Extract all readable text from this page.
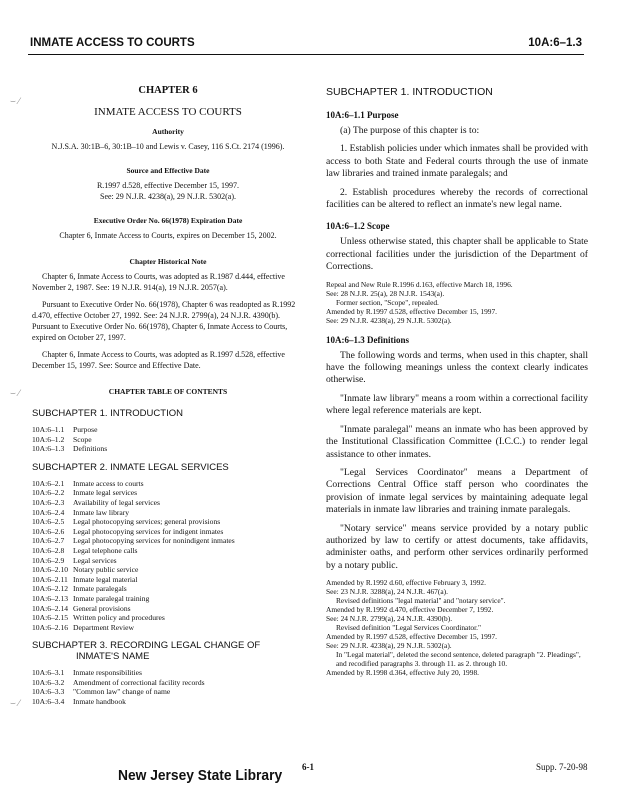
INMATE ACCESS TO COURTS	10A:6–1.3
⌣ ⁄
⌣ ⁄
⌣ ⁄
CHAPTER 6
INMATE ACCESS TO COURTS
Authority
N.J.S.A. 30:1B–6, 30:1B–10 and Lewis v. Casey, 116 S.Ct. 2174 (1996).
Source and Effective Date
R.1997 d.528, effective December 15, 1997.
See: 29 N.J.R. 4238(a), 29 N.J.R. 5302(a).
Executive Order No. 66(1978) Expiration Date
Chapter 6, Inmate Access to Courts, expires on December 15, 2002.
Chapter Historical Note

Chapter 6, Inmate Access to Courts, was adopted as R.1987 d.444, effective November 2, 1987. See: 19 N.J.R. 914(a), 19 N.J.R. 2057(a).

Pursuant to Executive Order No. 66(1978), Chapter 6 was readopted as R.1992 d.470, effective October 27, 1992. See: 24 N.J.R. 2799(a), 24 N.J.R. 4390(b). Pursuant to Executive Order No. 66(1978), Chapter 6, Inmate Access to Courts, expired on October 27, 1997.

Chapter 6, Inmate Access to Courts, was adopted as R.1997 d.528, effective December 15, 1997. See: Source and Effective Date.

CHAPTER TABLE OF CONTENTS
SUBCHAPTER 1. INTRODUCTION
10A:6–1.1 Purpose
10A:6–1.2 Scope
10A:6–1.3 Definitions
SUBCHAPTER 2. INMATE LEGAL SERVICES
10A:6–2.1 Inmate access to courts
10A:6–2.2 Inmate legal services
10A:6–2.3 Availability of legal services
10A:6–2.4 Inmate law library
10A:6–2.5 Legal photocopying services; general provisions
10A:6–2.6 Legal photocopying services for indigent inmates
10A:6–2.7 Legal photocopying services for nonindigent inmates
10A:6–2.8 Legal telephone calls
10A:6–2.9 Legal services
10A:6–2.10 Notary public service
10A:6–2.11 Inmate legal material
10A:6–2.12 Inmate paralegals
10A:6–2.13 Inmate paralegal training
10A:6–2.14 General provisions
10A:6–2.15 Written policy and procedures
10A:6–2.16 Department Review
SUBCHAPTER 3. RECORDING LEGAL CHANGE OF INMATE'S NAME
10A:6–3.1 Inmate responsibilities
10A:6–3.2 Amendment of correctional facility records
10A:6–3.3 "Common law" change of name
10A:6–3.4 Inmate handbook
SUBCHAPTER 1. INTRODUCTION
10A:6–1.1 Purpose
(a) The purpose of this chapter is to:
1. Establish policies under which inmates shall be provided with access to both State and Federal courts through the use of inmate law libraries and trained inmate paralegals; and
2. Establish procedures whereby the records of correctional facilities can be altered to reflect an inmate's new legal name.
10A:6–1.2 Scope
Unless otherwise stated, this chapter shall be applicable to State correctional facilities under the jurisdiction of the Department of Corrections.
Repeal and New Rule R.1996 d.163, effective March 18, 1996.
See: 28 N.J.R. 25(a), 28 N.J.R. 1543(a).
Former section, "Scope", repealed.
Amended by R.1997 d.528, effective December 15, 1997.
See: 29 N.J.R. 4238(a), 29 N.J.R. 5302(a).
10A:6–1.3 Definitions
The following words and terms, when used in this chapter, shall have the following meanings unless the context clearly indicates otherwise.
"Inmate law library" means a room within a correctional facility where legal reference materials are kept.
"Inmate paralegal" means an inmate who has been approved by the Institutional Classification Committee (I.C.C.) to render legal assistance to other inmates.
"Legal Services Coordinator" means a Department of Corrections Central Office staff person who coordinates the provision of inmate legal services by maintaining adequate legal materials in inmate law libraries and training inmate paralegals.
"Notary service" means service provided by a notary public authorized by law to certify or attest documents, take affidavits, administer oaths, and perform other services ordinarily performed by a notary public.
Amended by R.1992 d.60, effective February 3, 1992.
See: 23 N.J.R. 3288(a), 24 N.J.R. 467(a).
Revised definitions "legal material" and "notary service".
Amended by R.1992 d.470, effective December 7, 1992.
See: 24 N.J.R. 2799(a), 24 N.J.R. 4390(b).
Revised definition "Legal Services Coordinator."
Amended by R.1997 d.528, effective December 15, 1997.
See: 29 N.J.R. 4238(a), 29 N.J.R. 5302(a).
In "Legal material", deleted the second sentence, deleted paragraph "2. Pleadings", and recodified paragraphs 3. through 11. as 2. through 10.
Amended by R.1998 d.364, effective July 20, 1998.
New Jersey State Library 6-1	Supp. 7-20-98
